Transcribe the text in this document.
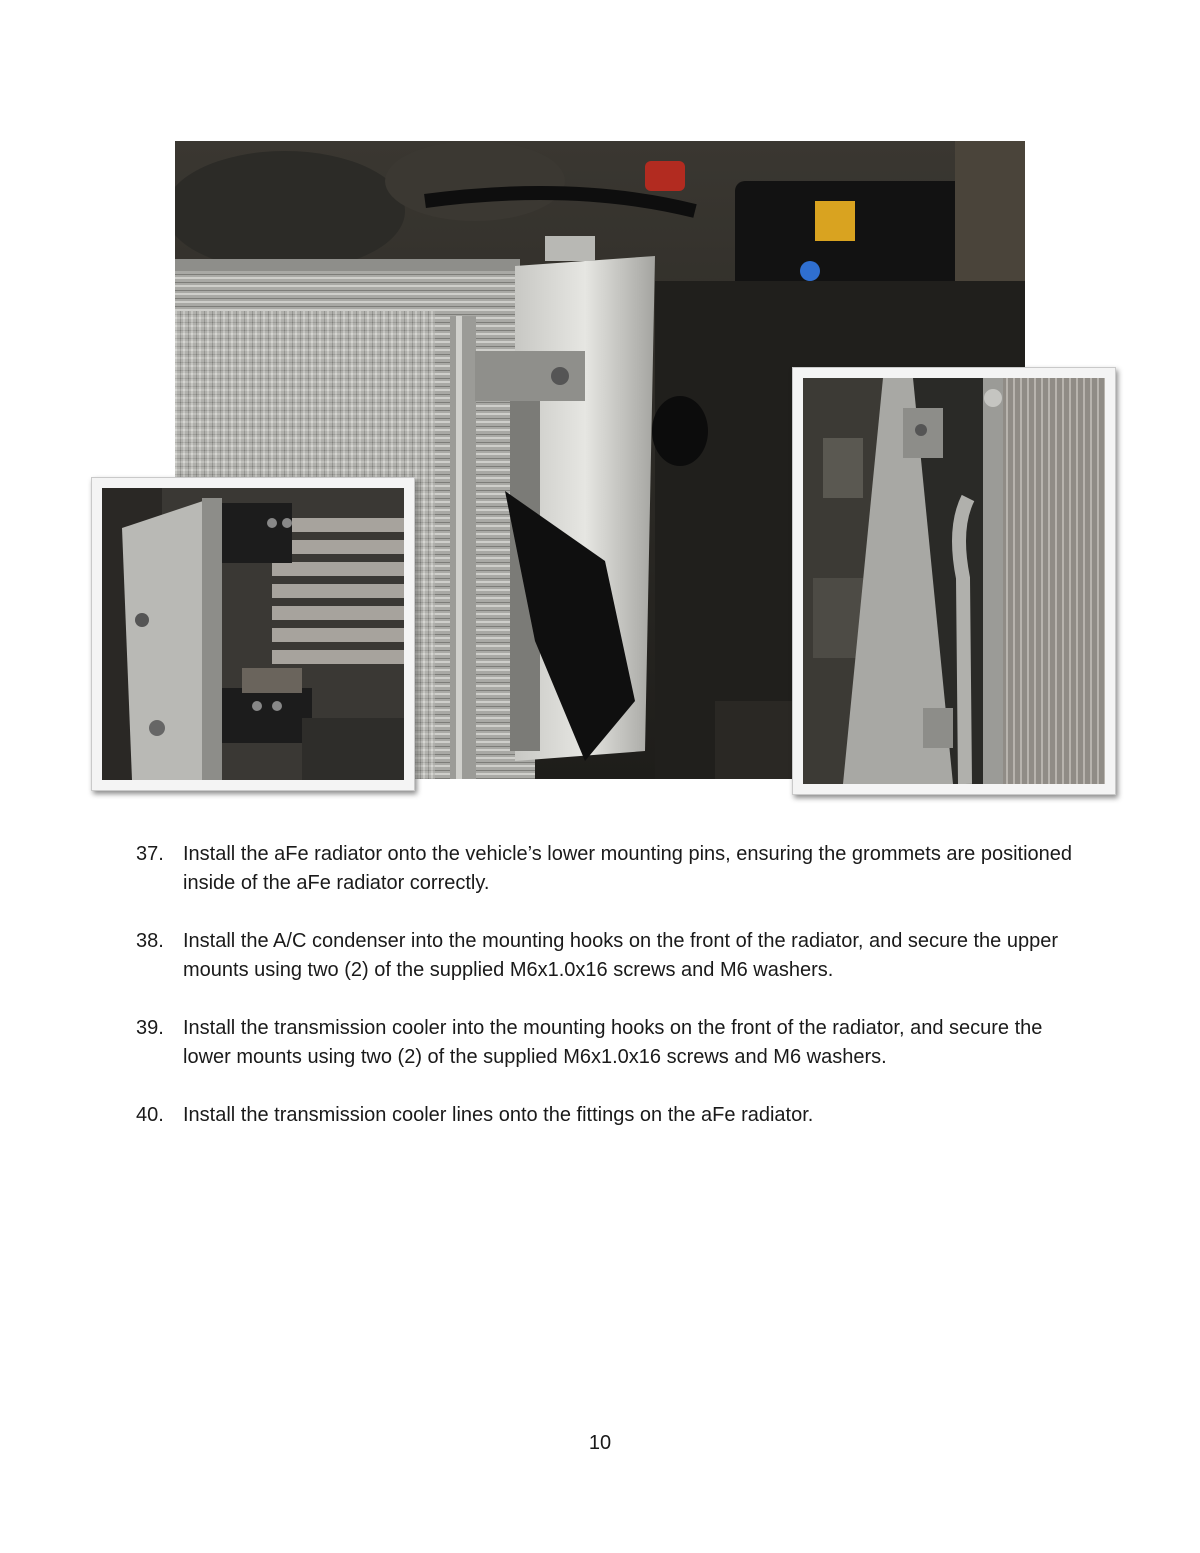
37. Install the aFe radiator onto the vehicle’s lower mounting pins, ensuring the grommets are positioned inside of the aFe radiator correctly.
38. Install the A/C condenser into the mounting hooks on the front of the radiator, and secure the upper mounts using two (2) of the supplied M6x1.0x16 screws and M6 washers.
39. Install the transmission cooler into the mounting hooks on the front of the radiator, and secure the lower mounts using two (2) of the supplied M6x1.0x16 screws and M6 washers.
40. Install the transmission cooler lines onto the fittings on the aFe radiator.
10
